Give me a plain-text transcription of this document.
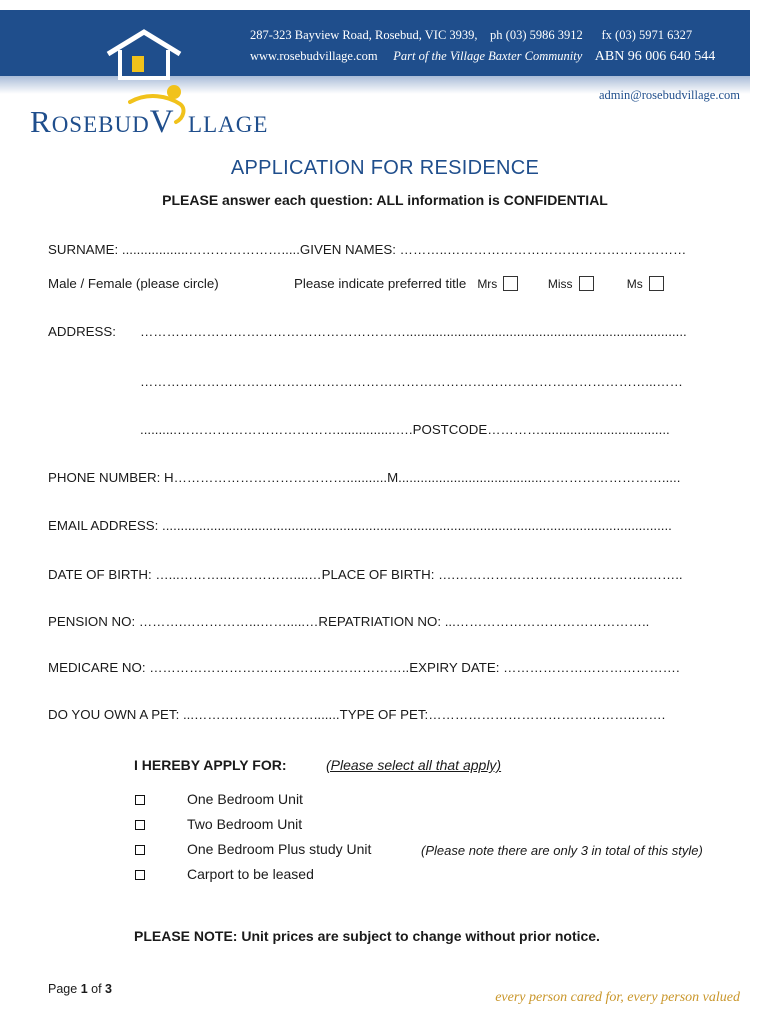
287-323 Bayview Road, Rosebud, VIC 3939, ph (03) 5986 3912 fx (03) 5971 6327
www.rosebudvillage.com Part of the Village Baxter Community ABN 96 006 640 544
admin@rosebudvillage.com
ROSEBUDV  LLAGE
APPLICATION FOR RESIDENCE
PLEASE answer each question: ALL information is CONFIDENTIAL
SURNAME: ..................………………….....GIVEN NAMES: ………..………………………………………………
Male / Female (please circle)	Please indicate preferred title Mrs	Miss	Ms
ADDRESS: ……………………………………………………............................................................................
……………………………………………………………………………………………………...……
..........………………………………................….POSTCODE…………...................................
PHONE NUMBER: H…………………………………...........M.......................................……………………….....
EMAIL ADDRESS: ..........................................................................................................................................
DATE OF BIRTH: …...………..……………....…PLACE OF BIRTH: ….……………………………………..……..
PENSION NO: ……….……………...…….....…REPATRIATION NO: ...……………………………………..
MEDICARE NO: …………………………………………………..EXPIRY DATE: ………………………………….
DO YOU OWN A PET: ...……………………….......TYPE OF PET:………………………………………..…….
I HEREBY APPLY FOR:	(Please select all that apply)
One Bedroom Unit
Two Bedroom Unit
One Bedroom Plus study Unit	(Please note there are only 3 in total of this style)
Carport to be leased
PLEASE NOTE: Unit prices are subject to change without prior notice.
Page 1 of 3
every person cared for, every person valued
